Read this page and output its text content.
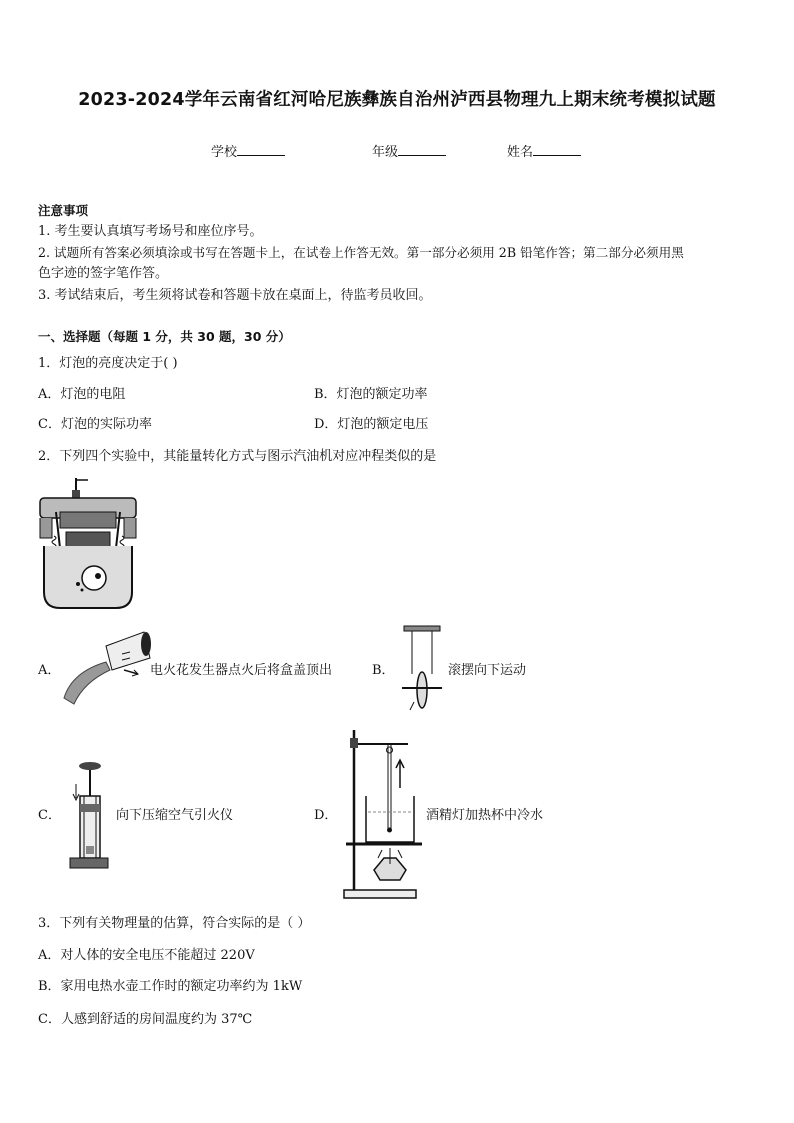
2023-2024学年云南省红河哈尼族彝族自治州泸西县物理九上期末统考模拟试题
学校	年级	姓名
注意事项
1. 考生要认真填写考场号和座位序号。
2. 试题所有答案必须填涂或书写在答题卡上，在试卷上作答无效。第一部分必须用 2B 铅笔作答；第二部分必须用黑
色字迹的签字笔作答。
3. 考试结束后，考生须将试卷和答题卡放在桌面上，待监考员收回。
一、选择题（每题 1 分，共 30 题，30 分）
1．灯泡的亮度决定于( )
A．灯泡的电阻	B．灯泡的额定功率
C．灯泡的实际功率	D．灯泡的额定电压
2．下列四个实验中，其能量转化方式与图示汽油机对应冲程类似的是
A．	电火花发生器点火后将盒盖顶出	B．	滚摆向下运动
C．	向下压缩空气引火仪	D．	酒精灯加热杯中冷水
3．下列有关物理量的估算，符合实际的是（ ）
A．对人体的安全电压不能超过 220V
B．家用电热水壶工作时的额定功率约为 1kW
C．人感到舒适的房间温度约为 37℃
